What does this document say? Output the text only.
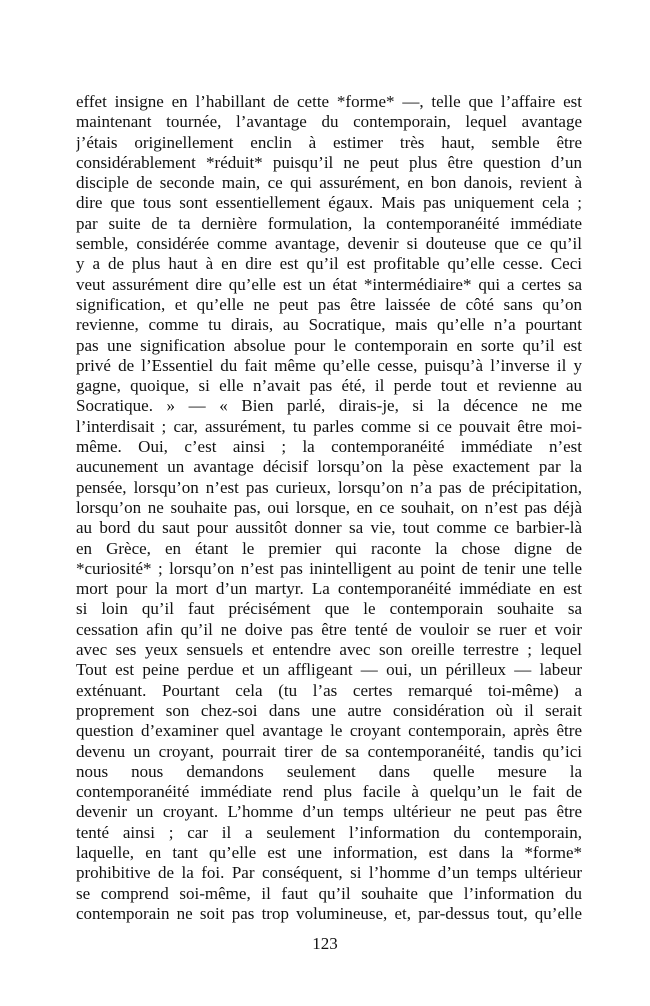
effet insigne en l’habillant de cette *forme* —, telle que l’affaire est
maintenant tournée, l’avantage du contemporain, lequel avantage
j’étais originellement enclin à estimer très haut, semble être
considérablement *réduit* puisqu’il ne peut plus être question d’un
disciple de seconde main, ce qui assurément, en bon danois, revient à
dire que tous sont essentiellement égaux. Mais pas uniquement cela ;
par suite de ta dernière formulation, la contemporanéité immédiate
semble, considérée comme avantage, devenir si douteuse que ce qu’il
y a de plus haut à en dire est qu’il est profitable qu’elle cesse. Ceci
veut assurément dire qu’elle est un état *intermédiaire* qui a certes sa
signification, et qu’elle ne peut pas être laissée de côté sans qu’on
revienne, comme tu dirais, au Socratique, mais qu’elle n’a pourtant
pas une signification absolue pour le contemporain en sorte qu’il est
privé de l’Essentiel du fait même qu’elle cesse, puisqu’à l’inverse il y
gagne, quoique, si elle n’avait pas été, il perde tout et revienne au
Socratique. » — « Bien parlé, dirais-je, si la décence ne me
l’interdisait ; car, assurément, tu parles comme si ce pouvait être moi-
même. Oui, c’est ainsi ; la contemporanéité immédiate n’est
aucunement un avantage décisif lorsqu’on la pèse exactement par la
pensée, lorsqu’on n’est pas curieux, lorsqu’on n’a pas de précipitation,
lorsqu’on ne souhaite pas, oui lorsque, en ce souhait, on n’est pas déjà
au bord du saut pour aussitôt donner sa vie, tout comme ce barbier-là
en Grèce, en étant le premier qui raconte la chose digne de
*curiosité* ; lorsqu’on n’est pas inintelligent au point de tenir une telle
mort pour la mort d’un martyr. La contemporanéité immédiate en est
si loin qu’il faut précisément que le contemporain souhaite sa
cessation afin qu’il ne doive pas être tenté de vouloir se ruer et voir
avec ses yeux sensuels et entendre avec son oreille terrestre ; lequel
Tout est peine perdue et un affligeant — oui, un périlleux — labeur
exténuant. Pourtant cela (tu l’as certes remarqué toi-même) a
proprement son chez-soi dans une autre considération où il serait
question d’examiner quel avantage le croyant contemporain, après être
devenu un croyant, pourrait tirer de sa contemporanéité, tandis qu’ici
nous nous demandons seulement dans quelle mesure la
contemporanéité immédiate rend plus facile à quelqu’un le fait de
devenir un croyant. L’homme d’un temps ultérieur ne peut pas être
tenté ainsi ; car il a seulement l’information du contemporain,
laquelle, en tant qu’elle est une information, est dans la *forme*
prohibitive de la foi. Par conséquent, si l’homme d’un temps ultérieur
se comprend soi-même, il faut qu’il souhaite que l’information du
contemporain ne soit pas trop volumineuse, et, par-dessus tout, qu’elle
123
